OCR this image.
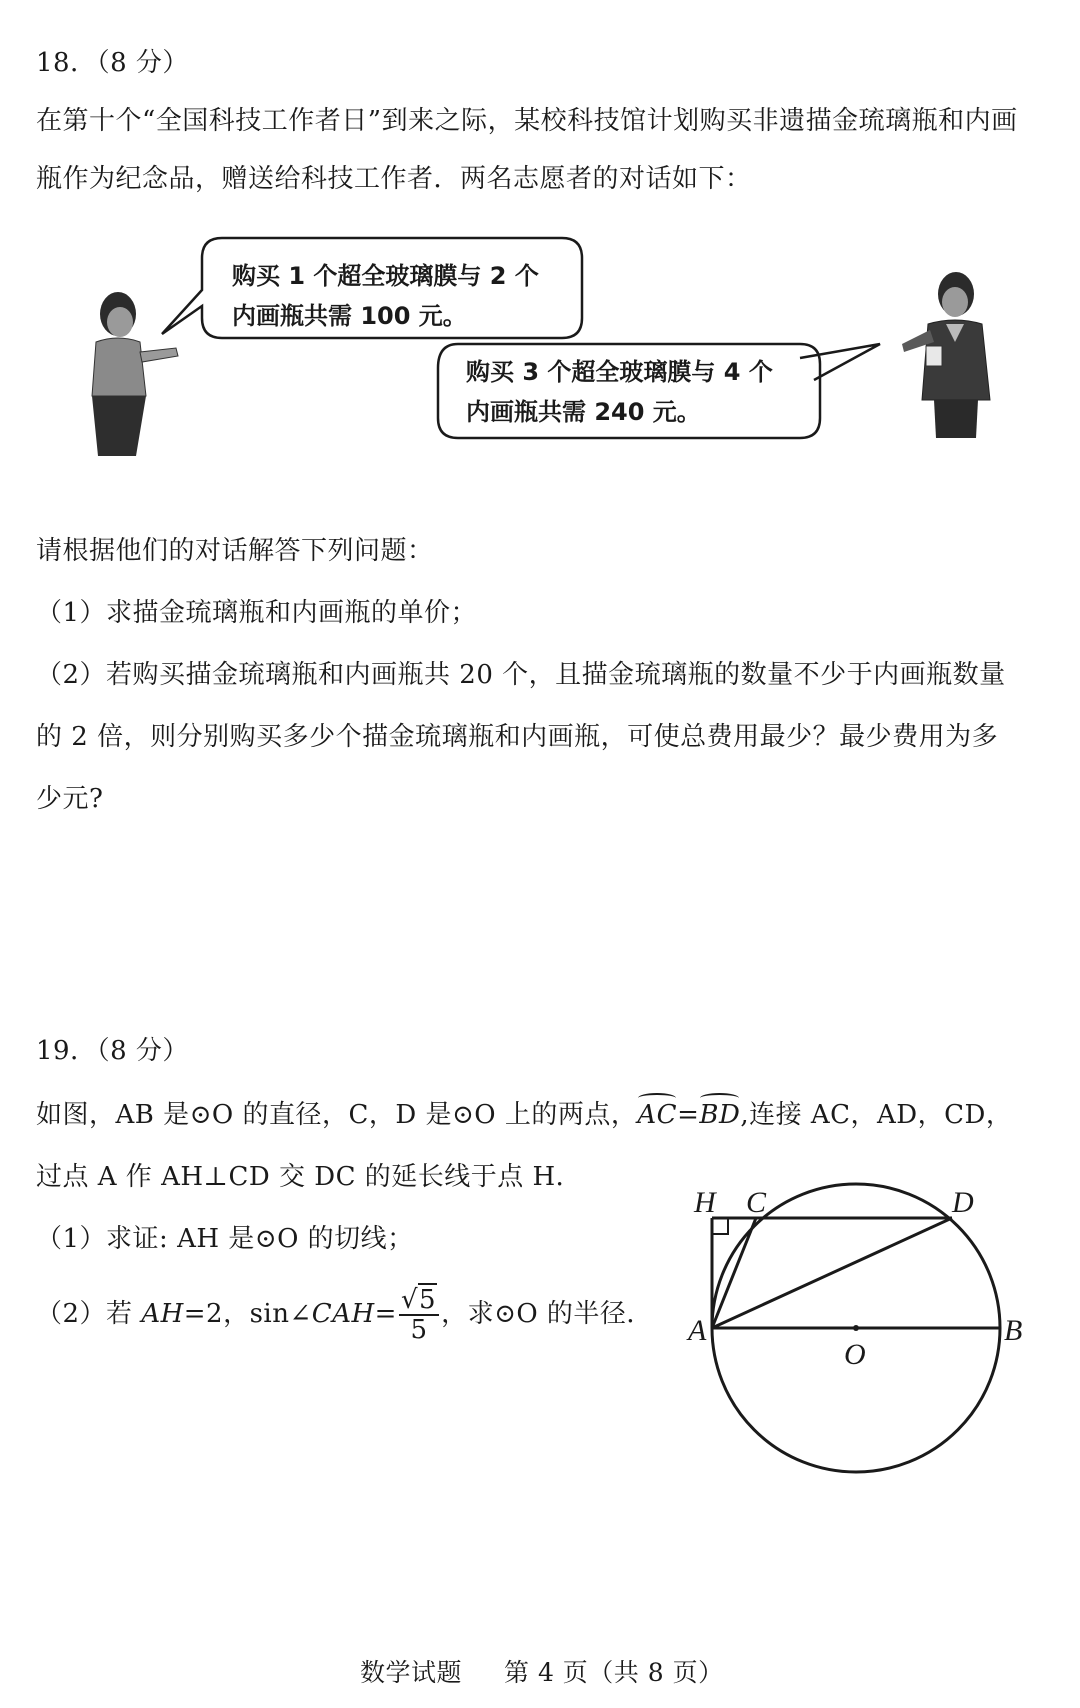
18．（8 分）
在第十个“全国科技工作者日”到来之际，某校科技馆计划购买非遗描金琉璃瓶和内画
瓶作为纪念品，赠送给科技工作者．两名志愿者的对话如下：
购买 1 个超全玻璃膜与 2 个
内画瓶共需 100 元。
购买 3 个超全玻璃膜与 4 个
内画瓶共需 240 元。
请根据他们的对话解答下列问题：
（1）求描金琉璃瓶和内画瓶的单价；
（2）若购买描金琉璃瓶和内画瓶共 20 个，且描金琉璃瓶的数量不少于内画瓶数量
的 2 倍，则分别购买多少个描金琉璃瓶和内画瓶，可使总费用最少？最少费用为多
少元?
19．（8 分）
如图，AB 是⊙O 的直径，C，D 是⊙O 上的两点，AC=BD,连接 AC，AD，CD，
过点 A 作 AH⊥CD 交 DC 的延长线于点 H．
（1）求证: AH 是⊙O 的切线；
（2）若 AH=2，sin∠CAH= $\frac{√5}{5}$ ，求⊙O 的半径．
H C	D
A
O
B
数学试题 第 4 页（共 8 页）
